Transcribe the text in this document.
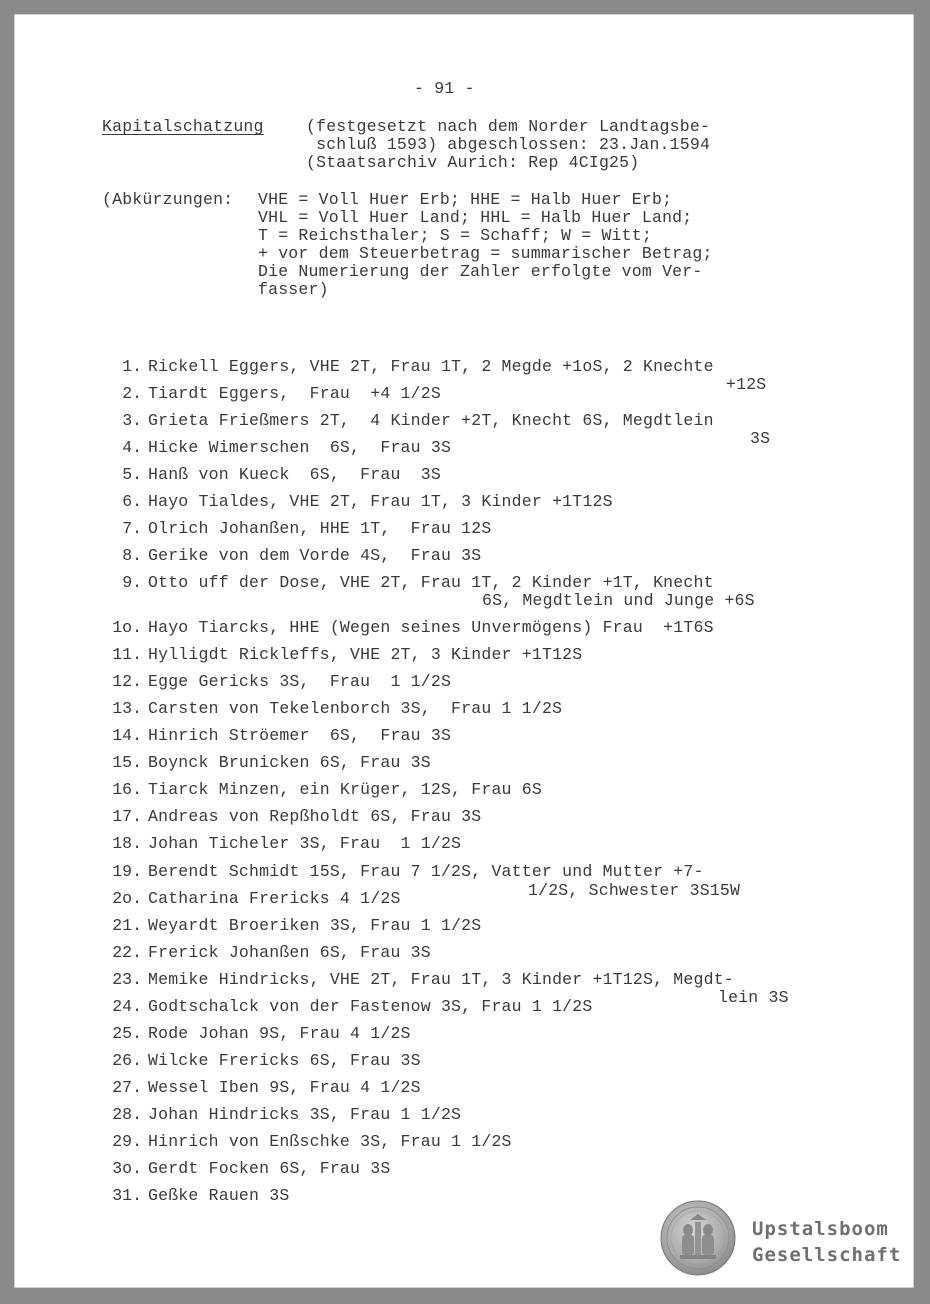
- 91 -
Kapitalschatzung	(festgesetzt nach dem Norder Landtagsbe-
schluß 1593) abgeschlossen: 23.Jan.1594
(Staatsarchiv Aurich: Rep 4CIg25)
(Abkürzungen: VHE = Voll Huer Erb; HHE = Halb Huer Erb;
VHL = Voll Huer Land; HHL = Halb Huer Land;
T = Reichsthaler; S = Schaff; W = Witt;
+ vor dem Steuerbetrag = summarischer Betrag;
Die Numerierung der Zahler erfolgte vom Ver-
fasser)
1. Rickell Eggers, VHE 2T, Frau 1T, 2 Megde +1oS, 2 Knechte
+12S
2. Tiardt Eggers,  Frau  +4 1/2S
3. Grieta Frießmers 2T,  4 Kinder +2T, Knecht 6S, Megdtlein
3S
4. Hicke Wimerschen  6S,  Frau 3S
5. Hanß von Kueck  6S,  Frau  3S
6. Hayo Tialdes, VHE 2T, Frau 1T, 3 Kinder +1T12S
7. Olrich Johanßen, HHE 1T,  Frau 12S
8. Gerike von dem Vorde 4S,  Frau 3S
9. Otto uff der Dose, VHE 2T, Frau 1T, 2 Kinder +1T, Knecht
6S, Megdtlein und Junge +6S
1o. Hayo Tiarcks, HHE (Wegen seines Unvermögens) Frau  +1T6S
11. Hylligdt Rickleffs, VHE 2T, 3 Kinder +1T12S
12. Egge Gericks 3S,  Frau  1 1/2S
13. Carsten von Tekelenborch 3S,  Frau 1 1/2S
14. Hinrich Ströemer  6S,  Frau 3S
15. Boynck Brunicken 6S, Frau 3S
16. Tiarck Minzen, ein Krüger, 12S, Frau 6S
17. Andreas von Repßholdt 6S, Frau 3S
18. Johan Ticheler 3S, Frau  1 1/2S
19. Berendt Schmidt 15S, Frau 7 1/2S, Vatter und Mutter +7-
1/2S, Schwester 3S15W
2o. Catharina Frericks 4 1/2S
21. Weyardt Broeriken 3S, Frau 1 1/2S
22. Frerick Johanßen 6S, Frau 3S
23. Memike Hindricks, VHE 2T, Frau 1T, 3 Kinder +1T12S, Megdt-
lein 3S
24. Godtschalck von der Fastenow 3S, Frau 1 1/2S
25. Rode Johan 9S, Frau 4 1/2S
26. Wilcke Frericks 6S, Frau 3S
27. Wessel Iben 9S, Frau 4 1/2S
28. Johan Hindricks 3S, Frau 1 1/2S
29. Hinrich von Enßschke 3S, Frau 1 1/2S
3o. Gerdt Focken 6S, Frau 3S
31. Geßke Rauen 3S
Upstalsboom
Gesellschaft
